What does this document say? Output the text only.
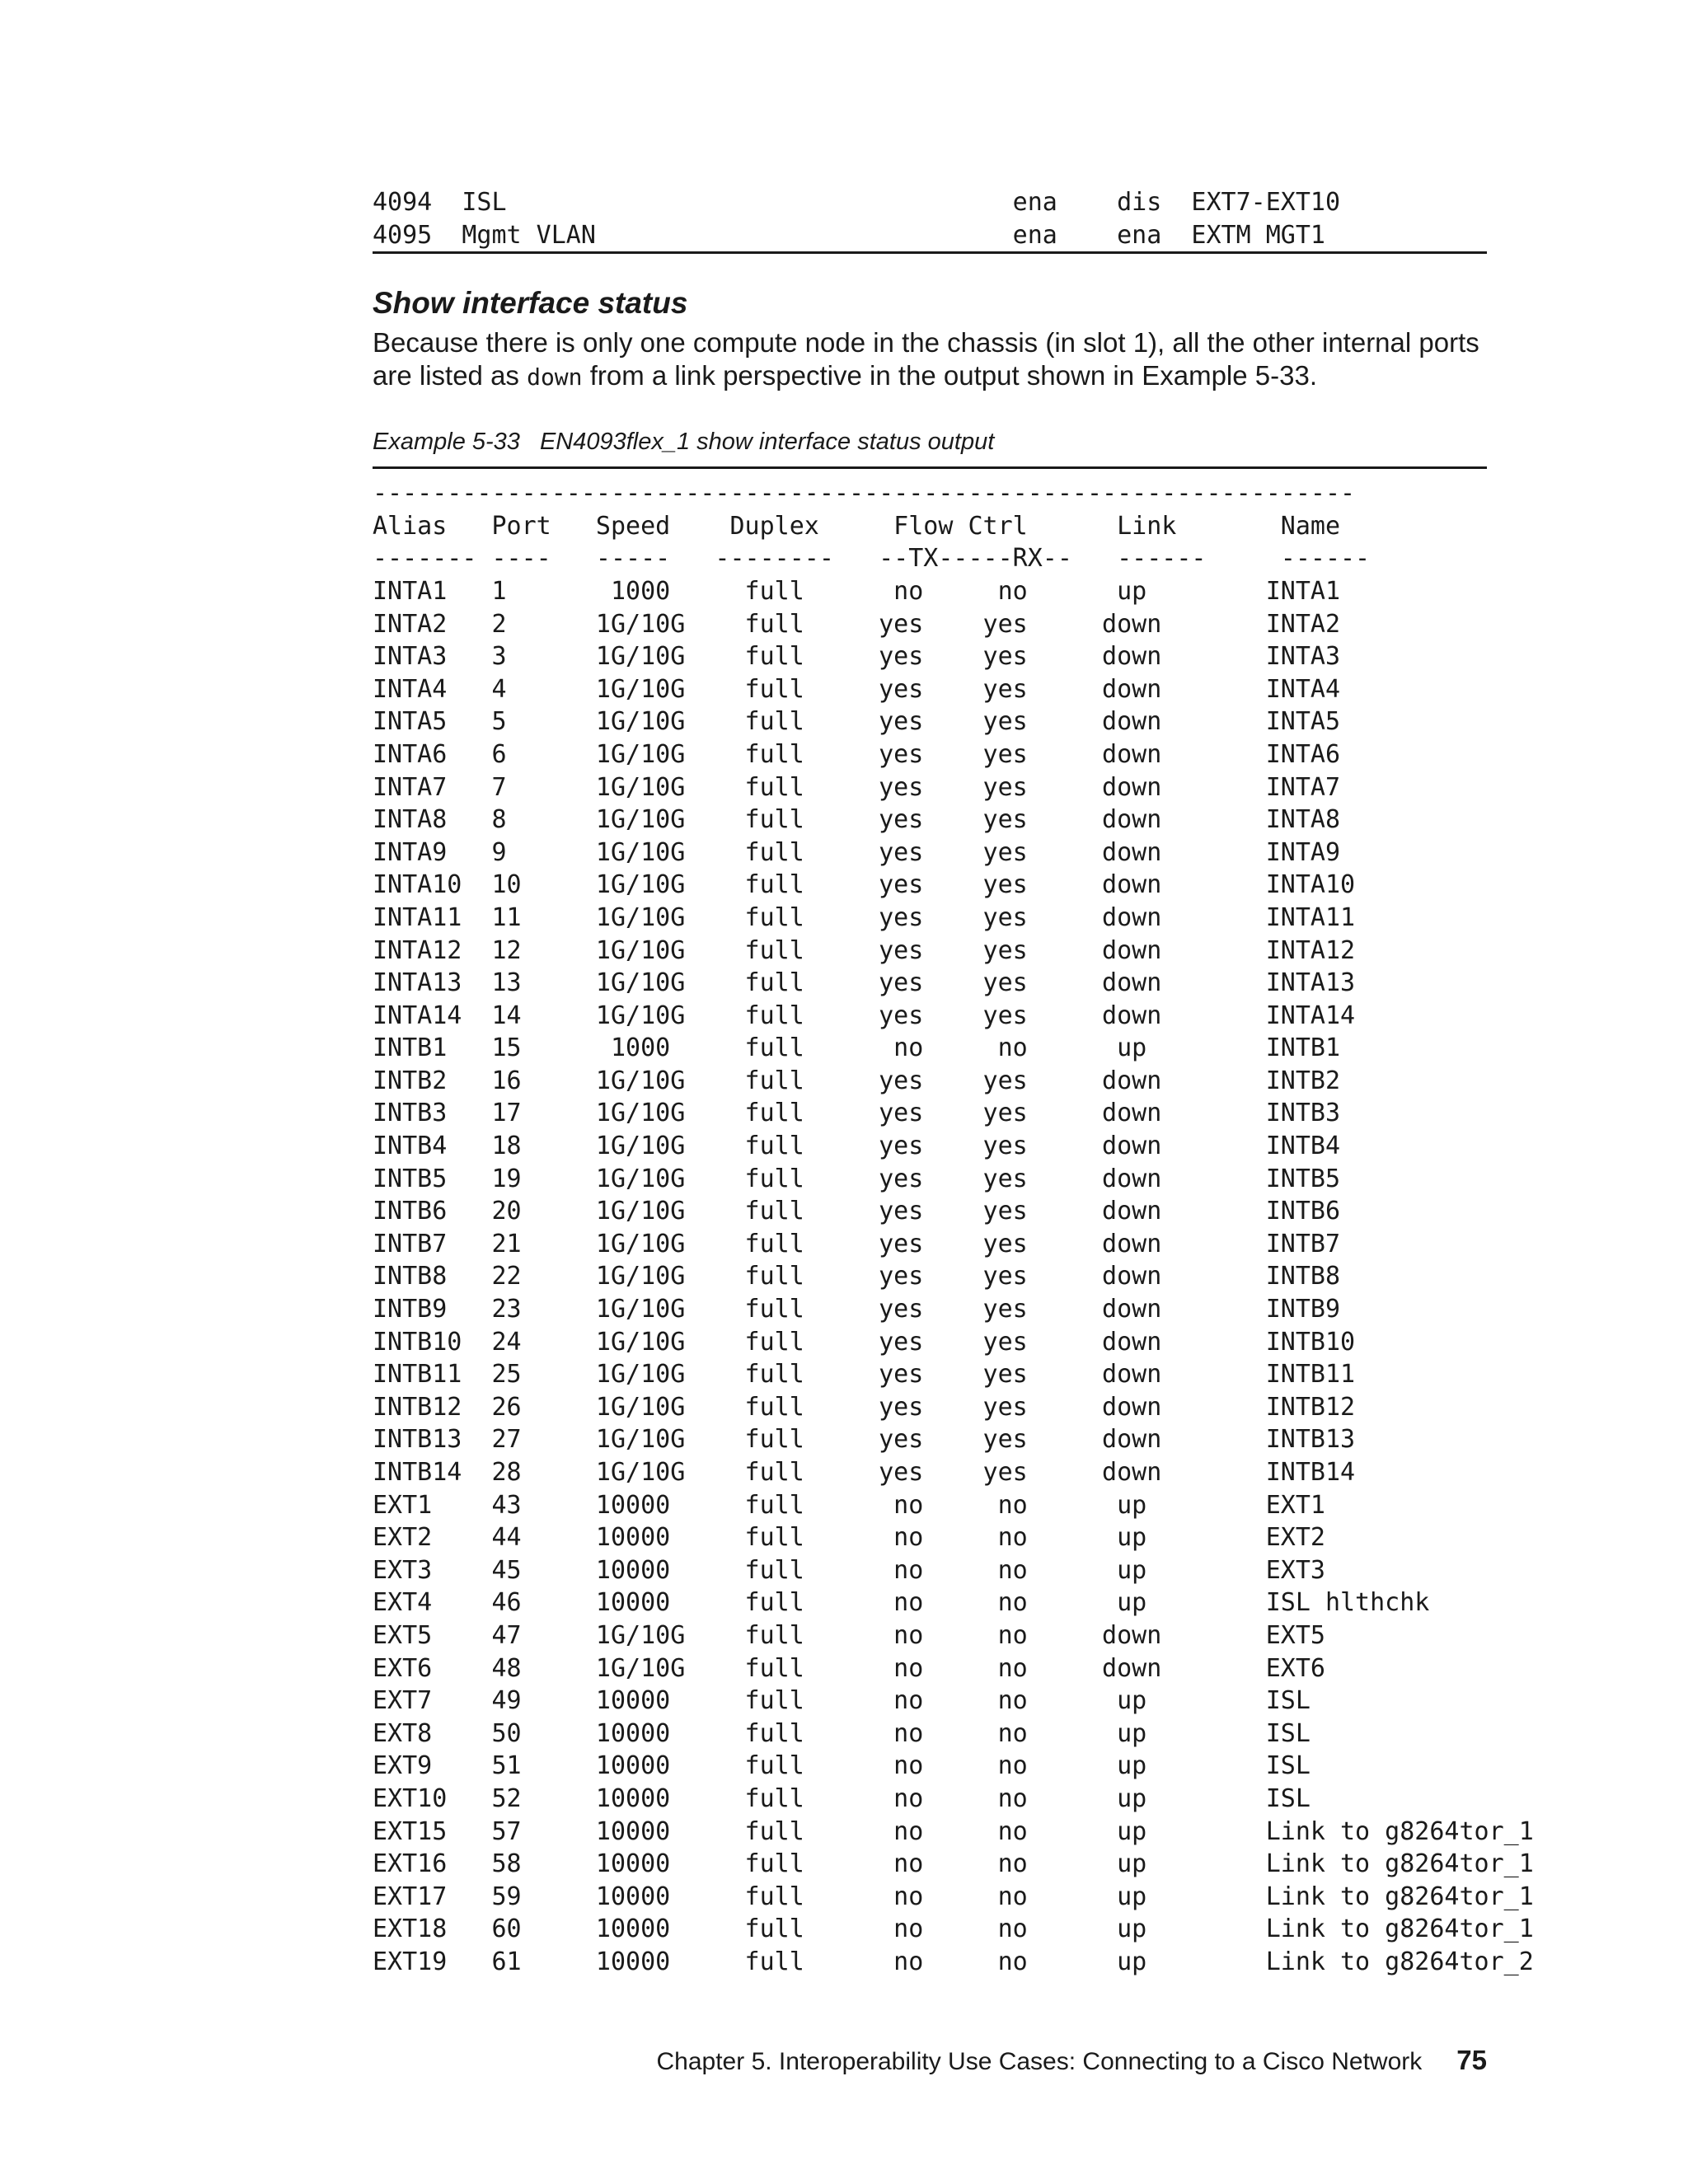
4094  ISL                                  ena    dis  EXT7-EXT10
4095  Mgmt VLAN                            ena    ena  EXTM MGT1
Show interface status

Because there is only one compute node in the chassis (in slot 1), all the other internal ports are listed as down from a link perspective in the output shown in Example 5-33.

Example 5-33 EN4093flex_1 show interface status output
------------------------------------------------------------------
Alias   Port   Speed    Duplex     Flow Ctrl      Link       Name
------- ----   -----   --------   --TX-----RX--   ------     ------
INTA1   1       1000     full      no     no      up        INTA1
INTA2   2      1G/10G    full     yes    yes     down       INTA2
INTA3   3      1G/10G    full     yes    yes     down       INTA3
INTA4   4      1G/10G    full     yes    yes     down       INTA4
INTA5   5      1G/10G    full     yes    yes     down       INTA5
INTA6   6      1G/10G    full     yes    yes     down       INTA6
INTA7   7      1G/10G    full     yes    yes     down       INTA7
INTA8   8      1G/10G    full     yes    yes     down       INTA8
INTA9   9      1G/10G    full     yes    yes     down       INTA9
INTA10  10     1G/10G    full     yes    yes     down       INTA10
INTA11  11     1G/10G    full     yes    yes     down       INTA11
INTA12  12     1G/10G    full     yes    yes     down       INTA12
INTA13  13     1G/10G    full     yes    yes     down       INTA13
INTA14  14     1G/10G    full     yes    yes     down       INTA14
INTB1   15      1000     full      no     no      up        INTB1
INTB2   16     1G/10G    full     yes    yes     down       INTB2
INTB3   17     1G/10G    full     yes    yes     down       INTB3
INTB4   18     1G/10G    full     yes    yes     down       INTB4
INTB5   19     1G/10G    full     yes    yes     down       INTB5
INTB6   20     1G/10G    full     yes    yes     down       INTB6
INTB7   21     1G/10G    full     yes    yes     down       INTB7
INTB8   22     1G/10G    full     yes    yes     down       INTB8
INTB9   23     1G/10G    full     yes    yes     down       INTB9
INTB10  24     1G/10G    full     yes    yes     down       INTB10
INTB11  25     1G/10G    full     yes    yes     down       INTB11
INTB12  26     1G/10G    full     yes    yes     down       INTB12
INTB13  27     1G/10G    full     yes    yes     down       INTB13
INTB14  28     1G/10G    full     yes    yes     down       INTB14
EXT1    43     10000     full      no     no      up        EXT1
EXT2    44     10000     full      no     no      up        EXT2
EXT3    45     10000     full      no     no      up        EXT3
EXT4    46     10000     full      no     no      up        ISL hlthchk
EXT5    47     1G/10G    full      no     no     down       EXT5
EXT6    48     1G/10G    full      no     no     down       EXT6
EXT7    49     10000     full      no     no      up        ISL
EXT8    50     10000     full      no     no      up        ISL
EXT9    51     10000     full      no     no      up        ISL
EXT10   52     10000     full      no     no      up        ISL
EXT15   57     10000     full      no     no      up        Link to g8264tor_1
EXT16   58     10000     full      no     no      up        Link to g8264tor_1
EXT17   59     10000     full      no     no      up        Link to g8264tor_1
EXT18   60     10000     full      no     no      up        Link to g8264tor_1
EXT19   61     10000     full      no     no      up        Link to g8264tor_2
Chapter 5. Interoperability Use Cases: Connecting to a Cisco Network 75
